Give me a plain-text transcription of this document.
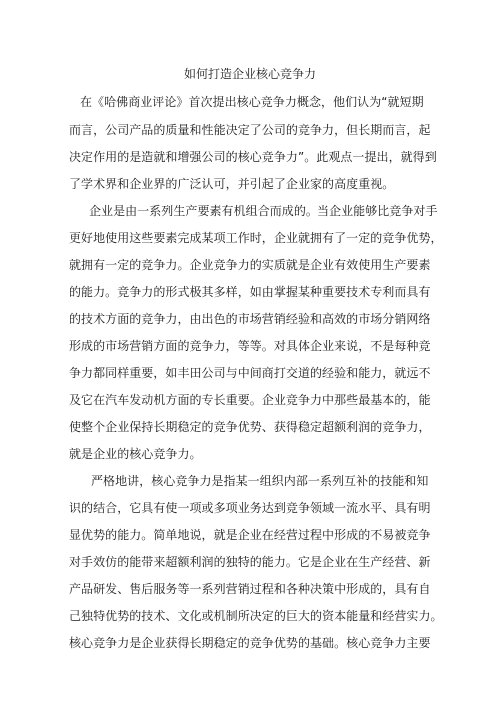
如何打造企业核心竞争力
在《哈佛商业评论》首次提出核心竞争力概念，他们认为“就短期
而言，公司产品的质量和性能决定了公司的竞争力，但长期而言，起
决定作用的是造就和增强公司的核心竞争力”。此观点一提出，就得到
了学术界和企业界的广泛认可，并引起了企业家的高度重视。
企业是由一系列生产要素有机组合而成的。 当企业能够比竞争对手
更好地使用这些要素完成某项工作时，企业就拥有了一定的竞争优势，
就拥有一定的竞争力。企业竞争力的实质就是企业有效使用生产要素
的能力。竞争力的形式极其多样，如由掌握某种重要技术专利而具有
的技术方面的竞争力，由出色的市场营销经验和高效的市场分销网络
形成的市场营销方面的竞争力，等等。对具体企业来说，不是每种竞
争力都同样重要，如丰田公司与中间商打交道的经验和能力，就远不
及它在汽车发动机方面的专长重要。企业竞争力中那些最基本的，能
使整个企业保持长期稳定的竞争优势、获得稳定超额利润的竞争力，
就是企业的核心竞争力。
严格地讲，核心竞争力是指某一组织内部一系列互补的技能和知
识的结合，它具有使一项或多项业务达到竞争领域一流水平、具有明
显优势的能力。简单地说，就是企业在经营过程中形成的不易被竞争
对手效仿的能带来超额利润的独特的能力。它是企业在生产经营、新
产品研发、售后服务等一系列营销过程和各种决策中形成的，具有自
己独特优势的技术、文化或机制所决定的巨大的资本能量和经营实力。
核心竞争力是企业获得长期稳定的竞争优势的基础。核心竞争力主要
